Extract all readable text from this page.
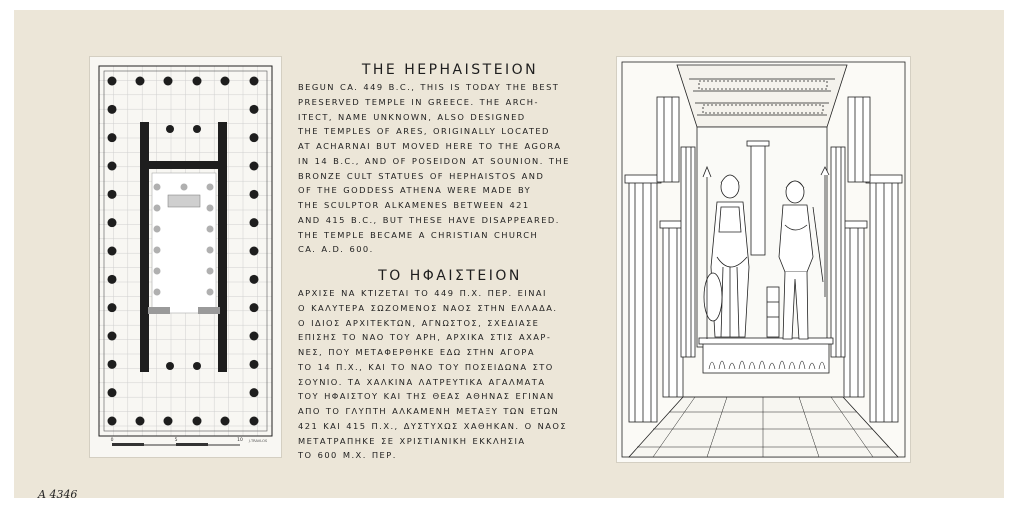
0	5	10 J.TRAVLOS
THE HEPHAISTEION
BEGUN CA. 449 B.C., THIS IS TODAY THE BEST
PRESERVED TEMPLE IN GREECE. THE ARCH-
ITECT, NAME UNKNOWN, ALSO DESIGNED
THE TEMPLES OF ARES, ORIGINALLY LOCATED
AT ACHARNAI BUT MOVED HERE TO THE AGORA
IN 14 B.C., AND OF POSEIDON AT SOUNION. THE
BRONZE CULT STATUES OF HEPHAISTOS AND
OF THE GODDESS ATHENA WERE MADE BY
THE SCULPTOR ALKAMENES BETWEEN 421
AND 415 B.C., BUT THESE HAVE DISAPPEARED.
THE TEMPLE BECAME A CHRISTIAN CHURCH
CA. A.D. 600.
ΤΟ ΗΦΑΙΣΤΕΙΟΝ
ΑΡΧΙΣΕ ΝΑ ΚΤΙΖΕΤΑΙ ΤΟ 449 Π.Χ. ΠΕΡ. ΕΙΝΑΙ
Ο ΚΑΛΥΤΕΡΑ ΣΩΖΟΜΕΝΟΣ ΝΑΟΣ ΣΤΗΝ ΕΛΛΑΔΑ.
Ο ΙΔΙΟΣ ΑΡΧΙΤΕΚΤΩΝ, ΑΓΝΩΣΤΟΣ, ΣΧΕΔΙΑΣΕ
ΕΠΙΣΗΣ ΤΟ ΝΑΟ ΤΟΥ ΑΡΗ, ΑΡΧΙΚΑ ΣΤΙΣ ΑΧΑΡ-
ΝΕΣ, ΠΟΥ ΜΕΤΑΦΕΡΘΗΚΕ ΕΔΩ ΣΤΗΝ ΑΓΟΡΑ
ΤΟ 14 Π.Χ., ΚΑΙ ΤΟ ΝΑΟ ΤΟΥ ΠΟΣΕΙΔΩΝΑ ΣΤΟ
ΣΟΥΝΙΟ. ΤΑ ΧΑΛΚΙΝΑ ΛΑΤΡΕΥΤΙΚΑ ΑΓΑΛΜΑΤΑ
ΤΟΥ ΗΦΑΙΣΤΟΥ ΚΑΙ ΤΗΣ ΘΕΑΣ ΑΘΗΝΑΣ ΕΓΙΝΑΝ
ΑΠΟ ΤΟ ΓΛΥΠΤΗ ΑΛΚΑΜΕΝΗ ΜΕΤΑΞΥ ΤΩΝ ΕΤΩΝ
421 ΚΑΙ 415 Π.Χ., ΔΥΣΤΥΧΩΣ ΧΑΘΗΚΑΝ. Ο ΝΑΟΣ
ΜΕΤΑΤΡΑΠΗΚΕ ΣΕ ΧΡΙΣΤΙΑΝΙΚΗ ΕΚΚΛΗΣΙΑ
ΤΟ 600 Μ.Χ. ΠΕΡ.
A 4346
